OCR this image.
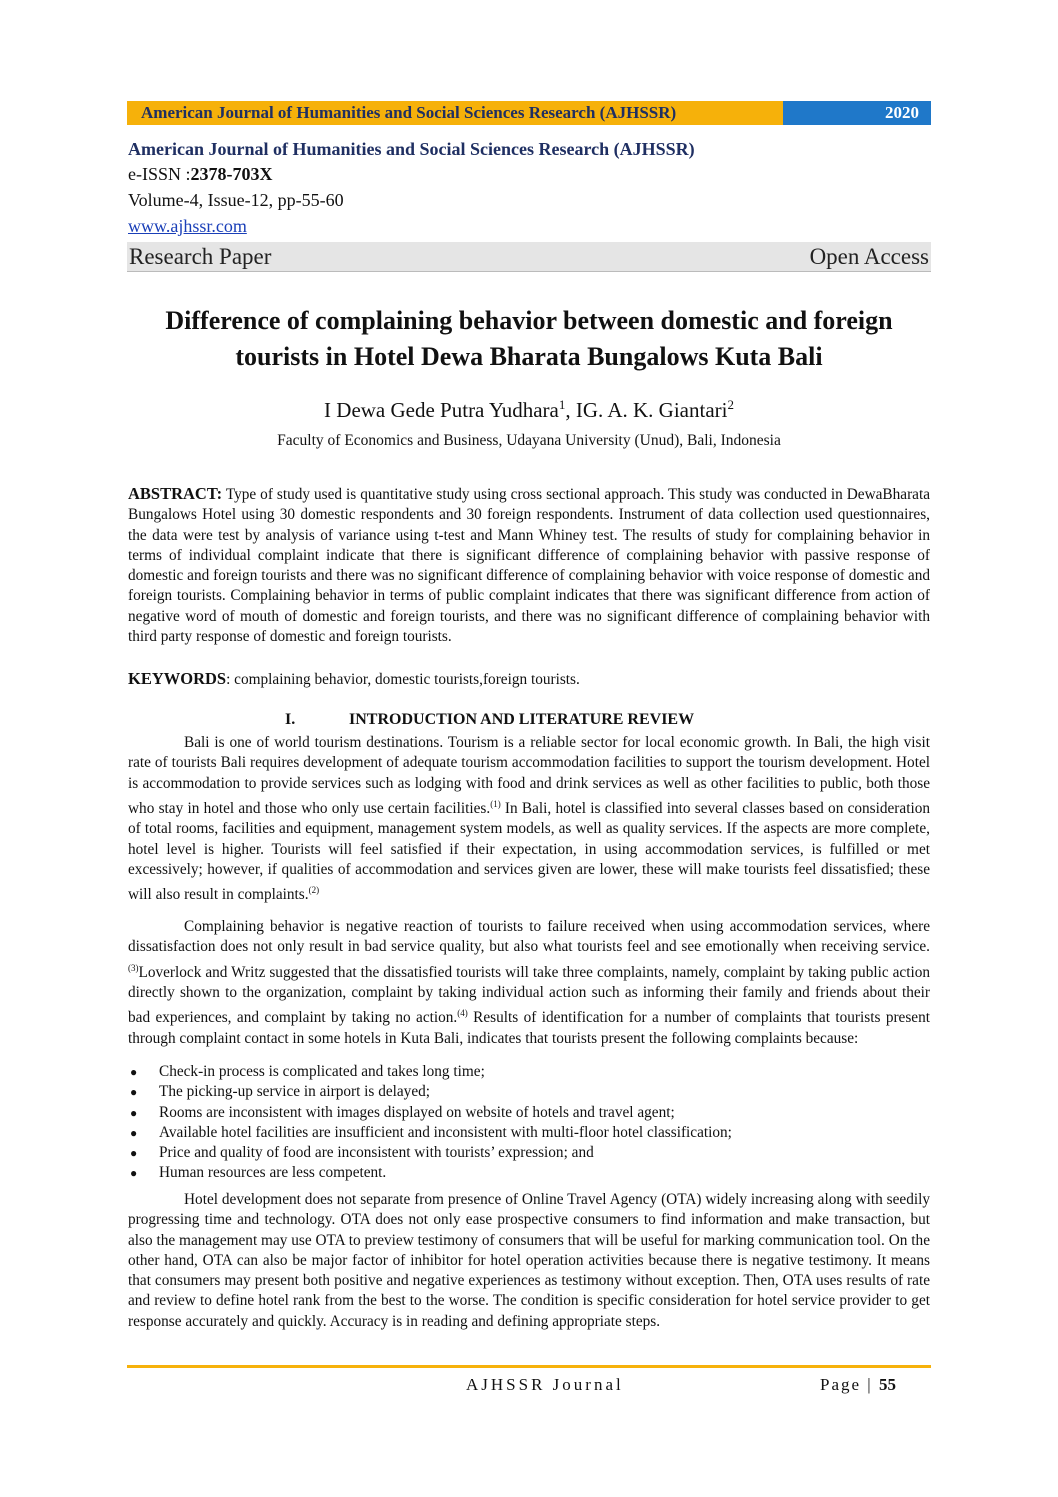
American Journal of Humanities and Social Sciences Research (AJHSSR)	2020
American Journal of Humanities and Social Sciences Research (AJHSSR)
e-ISSN :2378-703X
Volume-4, Issue-12, pp-55-60
www.ajhssr.com
Research Paper	Open Access
Difference of complaining behavior between domestic and foreign
tourists in Hotel Dewa Bharata Bungalows Kuta Bali
I Dewa Gede Putra Yudhara$^1$, IG. A. K. Giantari$^2$
Faculty of Economics and Business, Udayana University (Unud), Bali, Indonesia
ABSTRACT: Type of study used is quantitative study using cross sectional approach. This study was conducted in DewaBharata Bungalows Hotel using 30 domestic respondents and 30 foreign respondents. Instrument of data collection used questionnaires, the data were test by analysis of variance using t-test and Mann Whiney test. The results of study for complaining behavior in terms of individual complaint indicate that there is significant difference of complaining behavior with passive response of domestic and foreign tourists and there was no significant difference of complaining behavior with voice response of domestic and foreign tourists. Complaining behavior in terms of public complaint indicates that there was significant difference from action of negative word of mouth of domestic and foreign tourists, and there was no significant difference of complaining behavior with third party response of domestic and foreign tourists.
KEYWORDS: complaining behavior, domestic tourists,foreign tourists.
I.	INTRODUCTION AND LITERATURE REVIEW

Bali is one of world tourism destinations. Tourism is a reliable sector for local economic growth. In Bali, the high visit rate of tourists Bali requires development of adequate tourism accommodation facilities to support the tourism development. Hotel is accommodation to provide services such as lodging with food and drink services as well as other facilities to public, both those who stay in hotel and those who only use certain facilities.$^{(1)}$ In Bali, hotel is classified into several classes based on consideration of total rooms, facilities and equipment, management system models, as well as quality services. If the aspects are more complete, hotel level is higher. Tourists will feel satisfied if their expectation, in using accommodation services, is fulfilled or met excessively; however, if qualities of accommodation and services given are lower, these will make tourists feel dissatisfied; these will also result in complaints.$^{(2)}$

Complaining behavior is negative reaction of tourists to failure received when using accommodation services, where dissatisfaction does not only result in bad service quality, but also what tourists feel and see emotionally when receiving service.$^{(3)}$Loverlock and Writz suggested that the dissatisfied tourists will take three complaints, namely, complaint by taking public action directly shown to the organization, complaint by taking individual action such as informing their family and friends about their bad experiences, and complaint by taking no action.$^{(4)}$ Results of identification for a number of complaints that tourists present through complaint contact in some hotels in Kuta Bali, indicates that tourists present the following complaints because:

● Check-in process is complicated and takes long time;
● The picking-up service in airport is delayed;
● Rooms are inconsistent with images displayed on website of hotels and travel agent;
● Available hotel facilities are insufficient and inconsistent with multi-floor hotel classification;
● Price and quality of food are inconsistent with tourists’ expression; and
● Human resources are less competent.

Hotel development does not separate from presence of Online Travel Agency (OTA) widely increasing along with seedily progressing time and technology. OTA does not only ease prospective consumers to find information and make transaction, but also the management may use OTA to preview testimony of consumers that will be useful for marking communication tool. On the other hand, OTA can also be major factor of inhibitor for hotel operation activities because there is negative testimony. It means that consumers may present both positive and negative experiences as testimony without exception. Then, OTA uses results of rate and review to define hotel rank from the best to the worse. The condition is specific consideration for hotel service provider to get response accurately and quickly. Accuracy is in reading and defining appropriate steps.

AJHSSR Journal	Page | 55
